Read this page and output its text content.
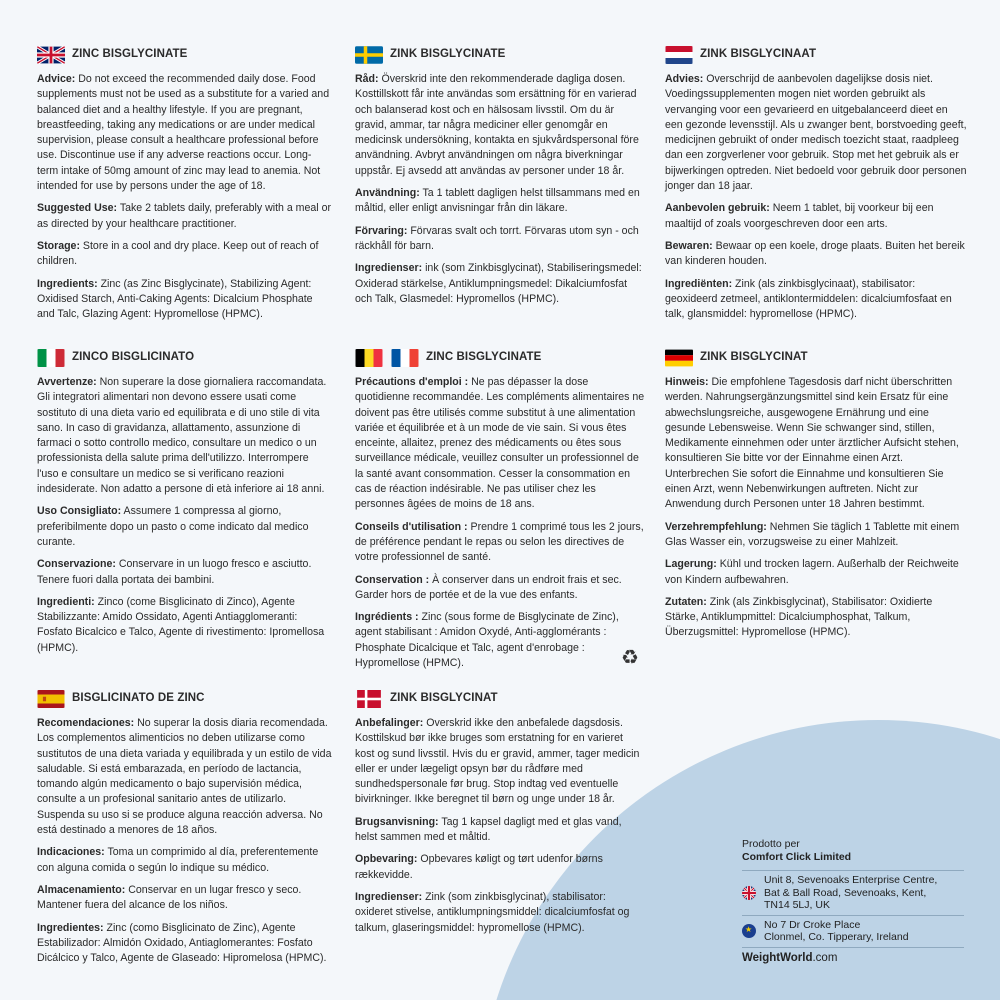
ZINC BISGLYCINATE
Advice: Do not exceed the recommended daily dose. Food supplements must not be used as a substitute for a varied and balanced diet and a healthy lifestyle. If you are pregnant, breastfeeding, taking any medications or are under medical supervision, please consult a healthcare professional before use. Discontinue use if any adverse reactions occur. Long-term intake of 50mg amount of zinc may lead to anemia. Not intended for use by persons under the age of 18.
Suggested Use: Take 2 tablets daily, preferably with a meal or as directed by your healthcare practitioner.
Storage: Store in a cool and dry place. Keep out of reach of children.
Ingredients: Zinc (as Zinc Bisglycinate), Stabilizing Agent: Oxidised Starch, Anti-Caking Agents: Dicalcium Phosphate and Talc, Glazing Agent: Hypromellose (HPMC).
ZINK BISGLYCINATE
Råd: Överskrid inte den rekommenderade dagliga dosen. Kosttillskott får inte användas som ersättning för en varierad och balanserad kost och en hälsosam livsstil. Om du är gravid, ammar, tar några mediciner eller genomgår en medicinsk undersökning, kontakta en sjukvårdspersonal före användning. Avbryt användningen om några biverkningar uppstår. Ej avsedd att användas av personer under 18 år.
Användning: Ta 1 tablett dagligen helst tillsammans med en måltid, eller enligt anvisningar från din läkare.
Förvaring: Förvaras svalt och torrt. Förvaras utom syn - och räckhåll för barn.
Ingredienser: ink (som Zinkbisglycinat), Stabiliseringsmedel: Oxiderad stärkelse, Antiklumpningsmedel: Dikalciumfosfat och Talk, Glasmedel: Hypromellos (HPMC).
ZINK BISGLYCINAAT
Advies: Overschrijd de aanbevolen dagelijkse dosis niet. Voedingssupplementen mogen niet worden gebruikt als vervanging voor een gevarieerd en uitgebalanceerd dieet en een gezonde levensstijl. Als u zwanger bent, borstvoeding geeft, medicijnen gebruikt of onder medisch toezicht staat, raadpleeg dan een zorgverlener voor gebruik. Stop met het gebruik als er bijwerkingen optreden. Niet bedoeld voor gebruik door personen jonger dan 18 jaar.
Aanbevolen gebruik: Neem 1 tablet, bij voorkeur bij een maaltijd of zoals voorgeschreven door een arts.
Bewaren: Bewaar op een koele, droge plaats. Buiten het bereik van kinderen houden.
Ingrediënten: Zink (als zinkbisglycinaat), stabilisator: geoxideerd zetmeel, antiklontermiddelen: dicalciumfosfaat en talk, glansmiddel: hypromellose (HPMC).
ZINCO BISGLICINATO
Avvertenze: Non superare la dose giornaliera raccomandata. Gli integratori alimentari non devono essere usati come sostituto di una dieta vario ed equilibrata e di uno stile di vita sano. In caso di gravidanza, allattamento, assunzione di farmaci o sotto controllo medico, consultare un medico o un professionista della salute prima dell'utilizzo. Interrompere l'uso e consultare un medico se si verificano reazioni indesiderate. Non adatto a persone di età inferiore ai 18 anni.
Uso Consigliato: Assumere 1 compressa al giorno, preferibilmente dopo un pasto o come indicato dal medico curante.
Conservazione: Conservare in un luogo fresco e asciutto. Tenere fuori dalla portata dei bambini.
Ingredienti: Zinco (come Bisglicinato di Zinco), Agente Stabilizzante: Amido Ossidato, Agenti Antiagglomeranti: Fosfato Bicalcico e Talco, Agente di rivestimento: Ipromellosa (HPMC).
ZINC BISGLYCINATE
Précautions d'emploi : Ne pas dépasser la dose quotidienne recommandée. Les compléments alimentaires ne doivent pas être utilisés comme substitut à une alimentation variée et équilibrée et à un mode de vie sain. Si vous êtes enceinte, allaitez, prenez des médicaments ou êtes sous surveillance médicale, veuillez consulter un professionnel de la santé avant consommation. Cesser la consommation en cas de réaction indésirable. Ne pas utiliser chez les personnes âgées de moins de 18 ans.
Conseils d'utilisation : Prendre 1 comprimé tous les 2 jours, de préférence pendant le repas ou selon les directives de votre professionnel de santé.
Conservation : À conserver dans un endroit frais et sec. Garder hors de portée et de la vue des enfants.
Ingrédients : Zinc (sous forme de Bisglycinate de Zinc), agent stabilisant : Amidon Oxydé, Anti-agglomérants : Phosphate Dicalcique et Talc, agent d'enrobage : Hypromellose (HPMC).
ZINK BISGLYCINAT
Hinweis: Die empfohlene Tagesdosis darf nicht überschritten werden. Nahrungsergänzungsmittel sind kein Ersatz für eine abwechslungsreiche, ausgewogene Ernährung und eine gesunde Lebensweise. Wenn Sie schwanger sind, stillen, Medikamente einnehmen oder unter ärztlicher Aufsicht stehen, konsultieren Sie bitte vor der Einnahme einen Arzt. Unterbrechen Sie sofort die Einnahme und konsultieren Sie einen Arzt, wenn Nebenwirkungen auftreten. Nicht zur Anwendung durch Personen unter 18 Jahren bestimmt.
Verzehrempfehlung: Nehmen Sie täglich 1 Tablette mit einem Glas Wasser ein, vorzugsweise zu einer Mahlzeit.
Lagerung: Kühl und trocken lagern. Außerhalb der Reichweite von Kindern aufbewahren.
Zutaten: Zink (als Zinkbisglycinat), Stabilisator: Oxidierte Stärke, Antiklumpmittel: Dicalciumphosphat, Talkum, Überzugsmittel: Hypromellose (HPMC).
BISGLICINATO DE ZINC
Recomendaciones: No superar la dosis diaria recomendada. Los complementos alimenticios no deben utilizarse como sustitutos de una dieta variada y equilibrada y un estilo de vida saludable. Si está embarazada, en período de lactancia, tomando algún medicamento o bajo supervisión médica, consulte a un profesional sanitario antes de utilizarlo. Suspenda su uso si se produce alguna reacción adversa. No está destinado a menores de 18 años.
Indicaciones: Toma un comprimido al día, preferentemente con alguna comida o según lo indique su médico.
Almacenamiento: Conservar en un lugar fresco y seco. Mantener fuera del alcance de los niños.
Ingredientes: Zinc (como Bisglicinato de Zinc), Agente Estabilizador: Almidón Oxidado, Antiaglomerantes: Fosfato Dicálcico y Talco, Agente de Glaseado: Hipromelosa (HPMC).
ZINK BISGLYCINAT
Anbefalinger: Overskrid ikke den anbefalede dagsdosis. Kosttilskud bør ikke bruges som erstatning for en varieret kost og sund livsstil. Hvis du er gravid, ammer, tager medicin eller er under lægeligt opsyn bør du rådføre med sundhedspersonale før brug. Stop indtag ved eventuelle bivirkninger. Ikke beregnet til børn og unge under 18 år.
Brugsanvisning: Tag 1 kapsel dagligt med et glas vand, helst sammen med et måltid.
Opbevaring: Opbevares køligt og tørt udenfor børns rækkevidde.
Ingredienser: Zink (som zinkbisglycinat), stabilisator: oxideret stivelse, antiklumpningsmiddel: dicalciumfosfat og talkum, glaseringsmiddel: hypromellose (HPMC).
♻
Prodotto per
Comfort Click Limited
Unit 8, Sevenoaks Enterprise Centre,
Bat & Ball Road, Sevenoaks, Kent,
TN14 5LJ, UK
★
No 7 Dr Croke Place
Clonmel, Co. Tipperary, Ireland
WeightWorld.com
